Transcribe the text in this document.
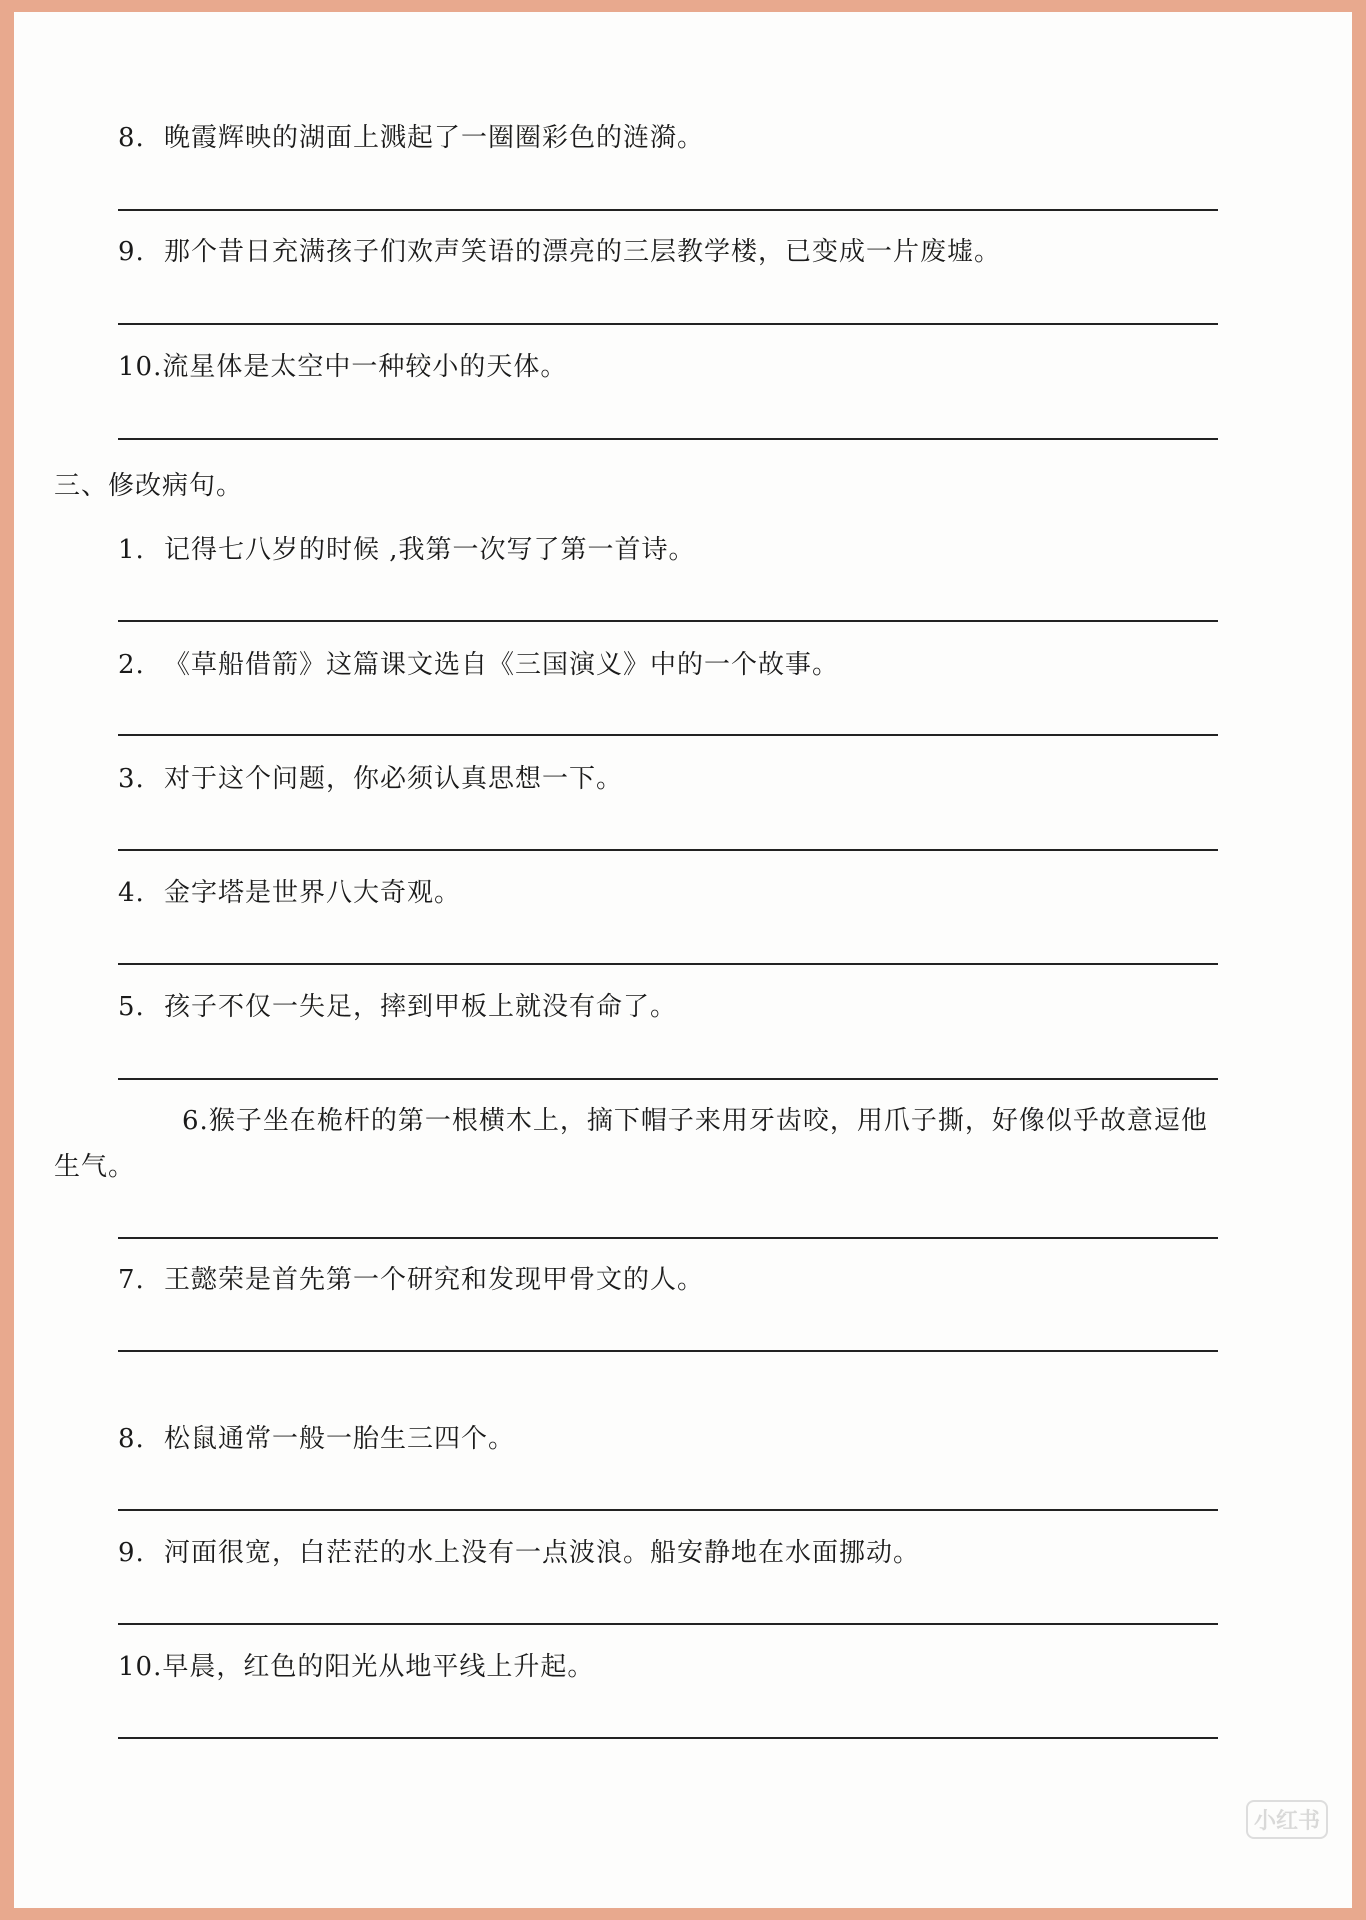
8. 晚霞辉映的湖面上溅起了一圈圈彩色的涟漪。
9. 那个昔日充满孩子们欢声笑语的漂亮的三层教学楼，已变成一片废墟。
10.流星体是太空中一种较小的天体。
三、修改病句。
1. 记得七八岁的时候 ,我第一次写了第一首诗。
2. 《草船借箭》这篇课文选自《三国演义》中的一个故事。
3. 对于这个问题，你必须认真思想一下。
4. 金字塔是世界八大奇观。
5. 孩子不仅一失足，摔到甲板上就没有命了。
6.猴子坐在桅杆的第一根横木上，摘下帽子来用牙齿咬，用爪子撕，好像似乎故意逗他生气。
7. 王懿荣是首先第一个研究和发现甲骨文的人。
8. 松鼠通常一般一胎生三四个。
9. 河面很宽，白茫茫的水上没有一点波浪。船安静地在水面挪动。
10.早晨，红色的阳光从地平线上升起。
小红书
